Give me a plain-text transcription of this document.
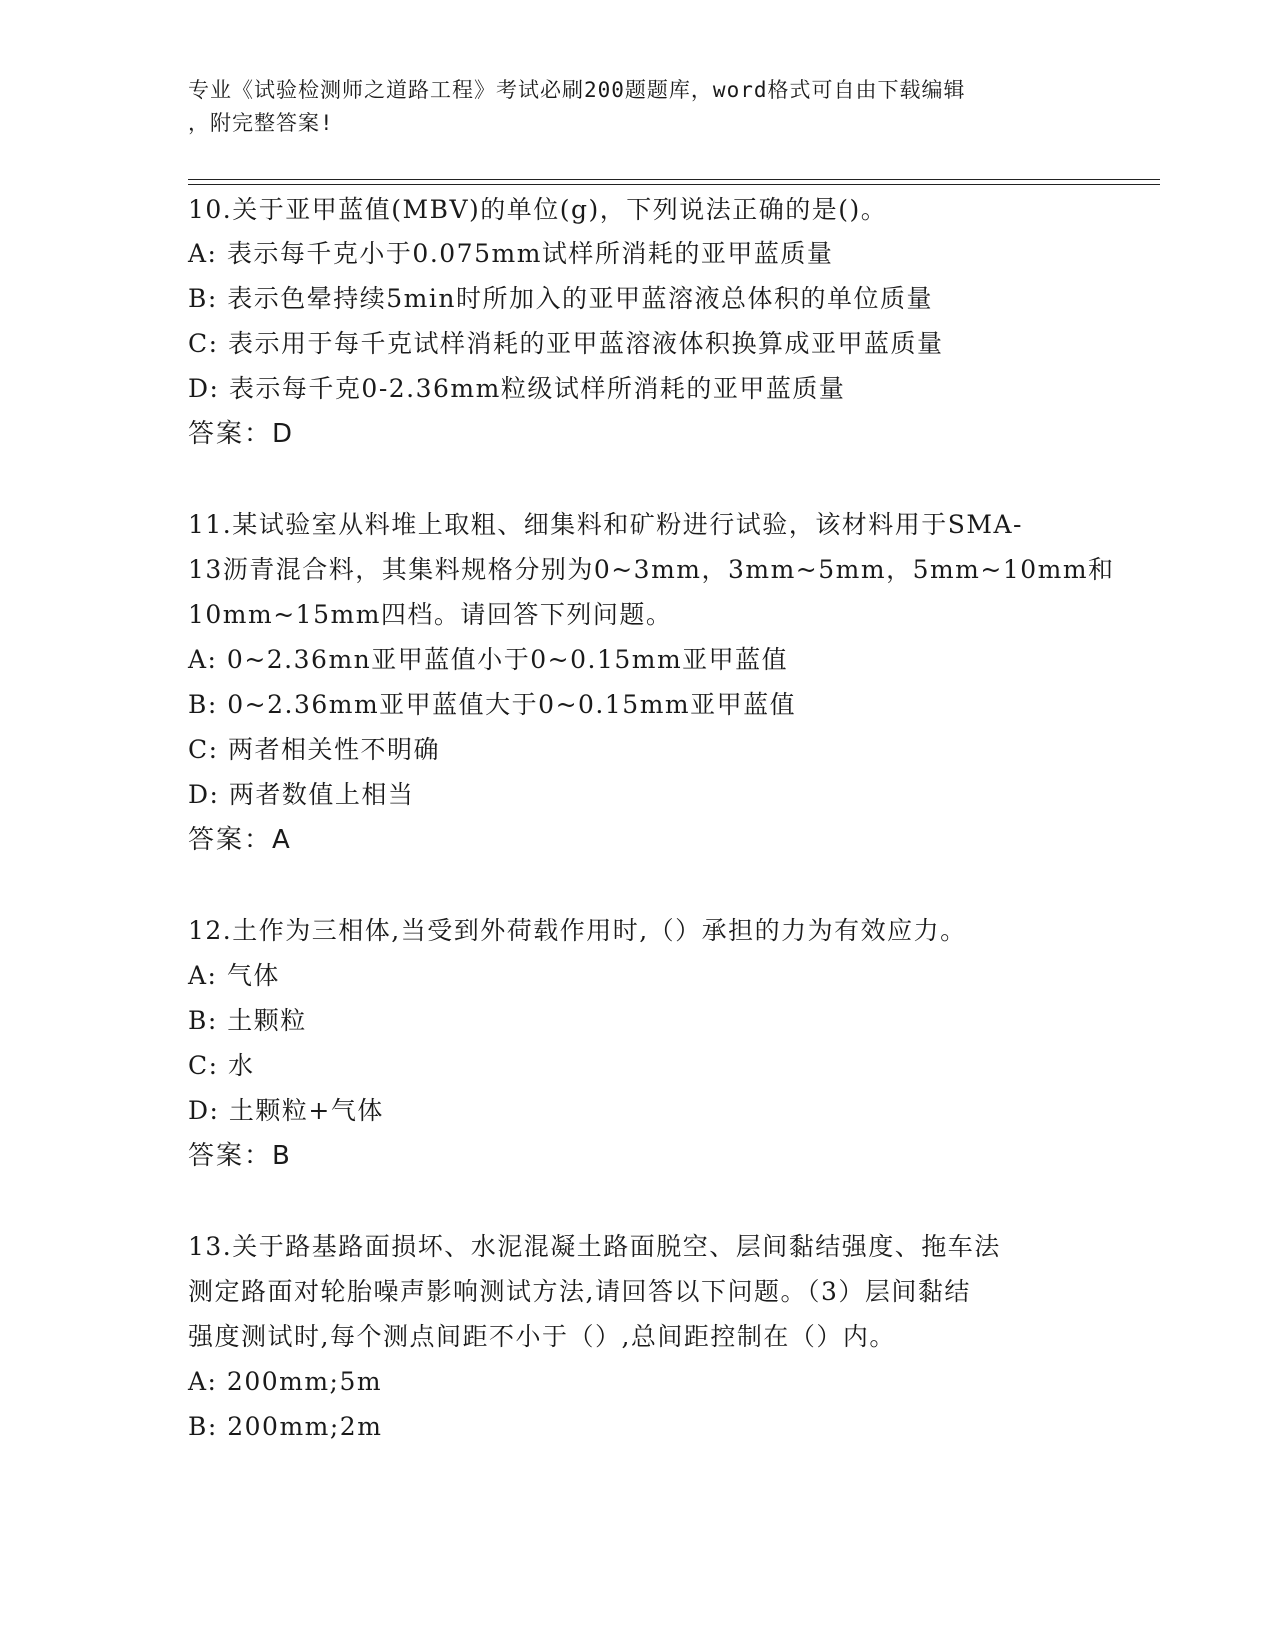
专业《试验检测师之道路工程》考试必刷200题题库，word格式可自由下载编辑
，附完整答案!
10.关于亚甲蓝值(MBV)的单位(g)，下列说法正确的是()。
A: 表示每千克小于0.075mm试样所消耗的亚甲蓝质量
B: 表示色晕持续5min时所加入的亚甲蓝溶液总体积的单位质量
C: 表示用于每千克试样消耗的亚甲蓝溶液体积换算成亚甲蓝质量
D: 表示每千克0-2.36mm粒级试样所消耗的亚甲蓝质量
答案：D
11.某试验室从料堆上取粗、细集料和矿粉进行试验，该材料用于SMA-
13沥青混合料，其集料规格分别为0~3mm，3mm~5mm，5mm~10mm和
10mm~15mm四档。请回答下列问题。
A: 0~2.36mn亚甲蓝值小于0~0.15mm亚甲蓝值
B: 0~2.36mm亚甲蓝值大于0~0.15mm亚甲蓝值
C: 两者相关性不明确
D: 两者数值上相当
答案：A
12.土作为三相体,当受到外荷载作用时,（）承担的力为有效应力。
A: 气体
B: 土颗粒
C: 水
D: 土颗粒+气体
答案：B
13.关于路基路面损坏、水泥混凝土路面脱空、层间黏结强度、拖车法
测定路面对轮胎噪声影响测试方法,请回答以下问题。（3）层间黏结
强度测试时,每个测点间距不小于（）,总间距控制在（）内。
A: 200mm;5m
B: 200mm;2m
